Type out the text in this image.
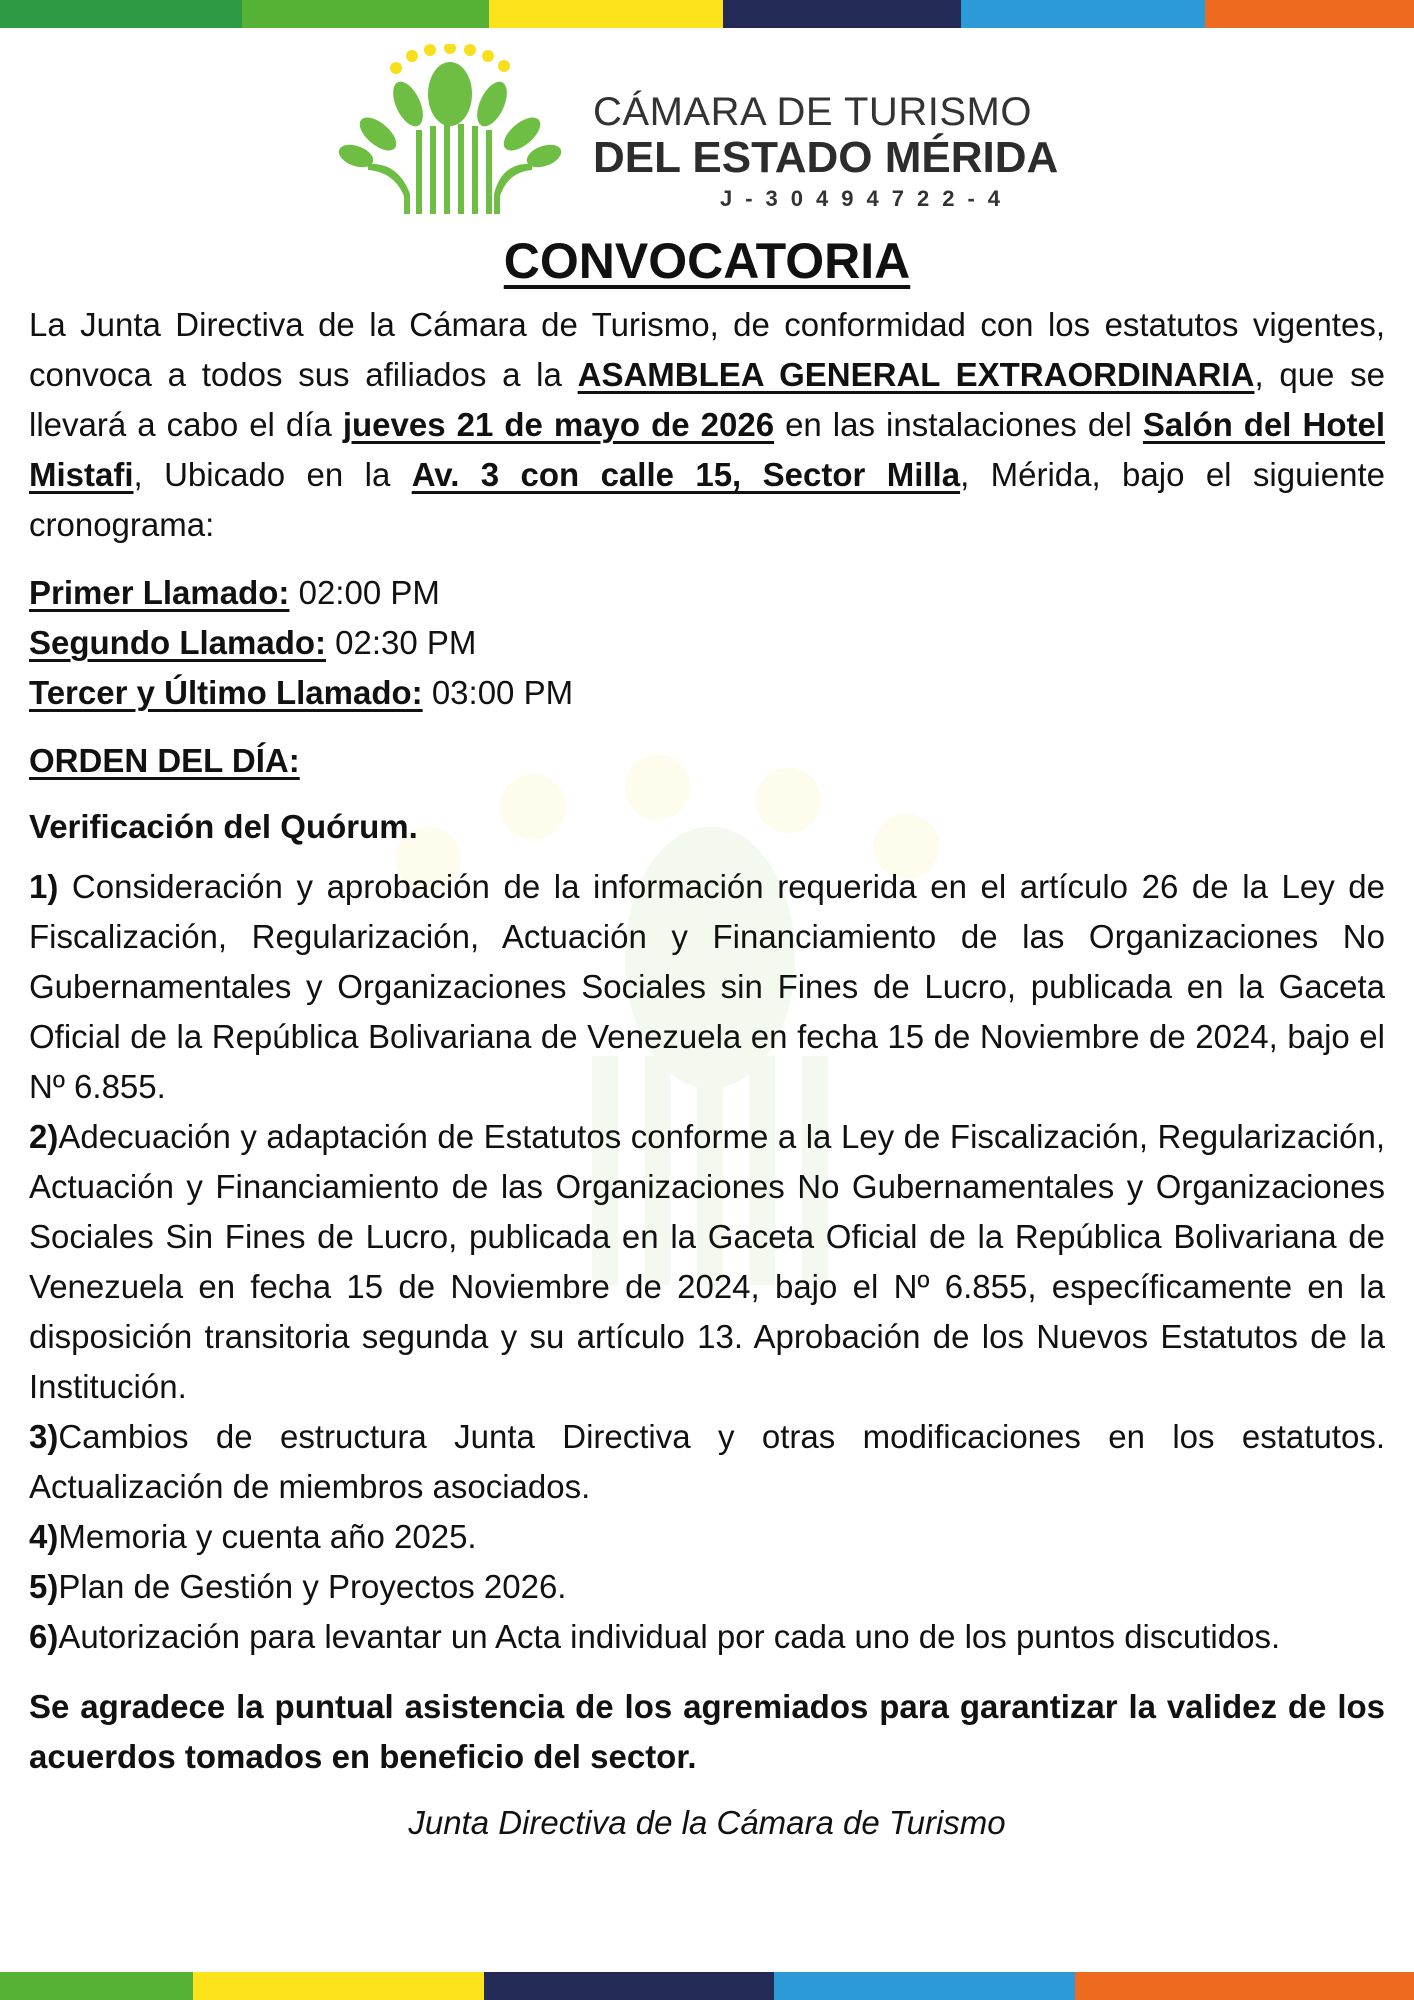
CÁMARA DE TURISMO
DEL ESTADO MÉRIDA
J-30494722-4
CONVOCATORIA

La Junta Directiva de la Cámara de Turismo, de conformidad con los estatutos vigentes, convoca a todos sus afiliados a la ASAMBLEA GENERAL EXTRAORDINARIA, que se llevará a cabo el día jueves 21 de mayo de 2026 en las instalaciones del Salón del Hotel Mistafi, Ubicado en la Av. 3 con calle 15, Sector Milla, Mérida, bajo el siguiente cronograma:

Primer Llamado: 02:00 PM

Segundo Llamado: 02:30 PM

Tercer y Último Llamado: 03:00 PM

ORDEN DEL DÍA:

Verificación del Quórum.

1) Consideración y aprobación de la información requerida en el artículo 26 de la Ley de Fiscalización, Regularización, Actuación y Financiamiento de las Organizaciones No Gubernamentales y Organizaciones Sociales sin Fines de Lucro, publicada en la Gaceta Oficial de la República Bolivariana de Venezuela en fecha 15 de Noviembre de 2024, bajo el Nº 6.855.

2)Adecuación y adaptación de Estatutos conforme a la Ley de Fiscalización, Regularización, Actuación y Financiamiento de las Organizaciones No Gubernamentales y Organizaciones Sociales Sin Fines de Lucro, publicada en la Gaceta Oficial de la República Bolivariana de Venezuela en fecha 15 de Noviembre de 2024, bajo el Nº 6.855, específicamente en la disposición transitoria segunda y su artículo 13. Aprobación de los Nuevos Estatutos de la Institución.

3)Cambios de estructura Junta Directiva y otras modificaciones en los estatutos. Actualización de miembros asociados.

4)Memoria y cuenta año 2025.

5)Plan de Gestión y Proyectos 2026.

6)Autorización para levantar un Acta individual por cada uno de los puntos discutidos.

Se agradece la puntual asistencia de los agremiados para garantizar la validez de los acuerdos tomados en beneficio del sector.

Junta Directiva de la Cámara de Turismo
